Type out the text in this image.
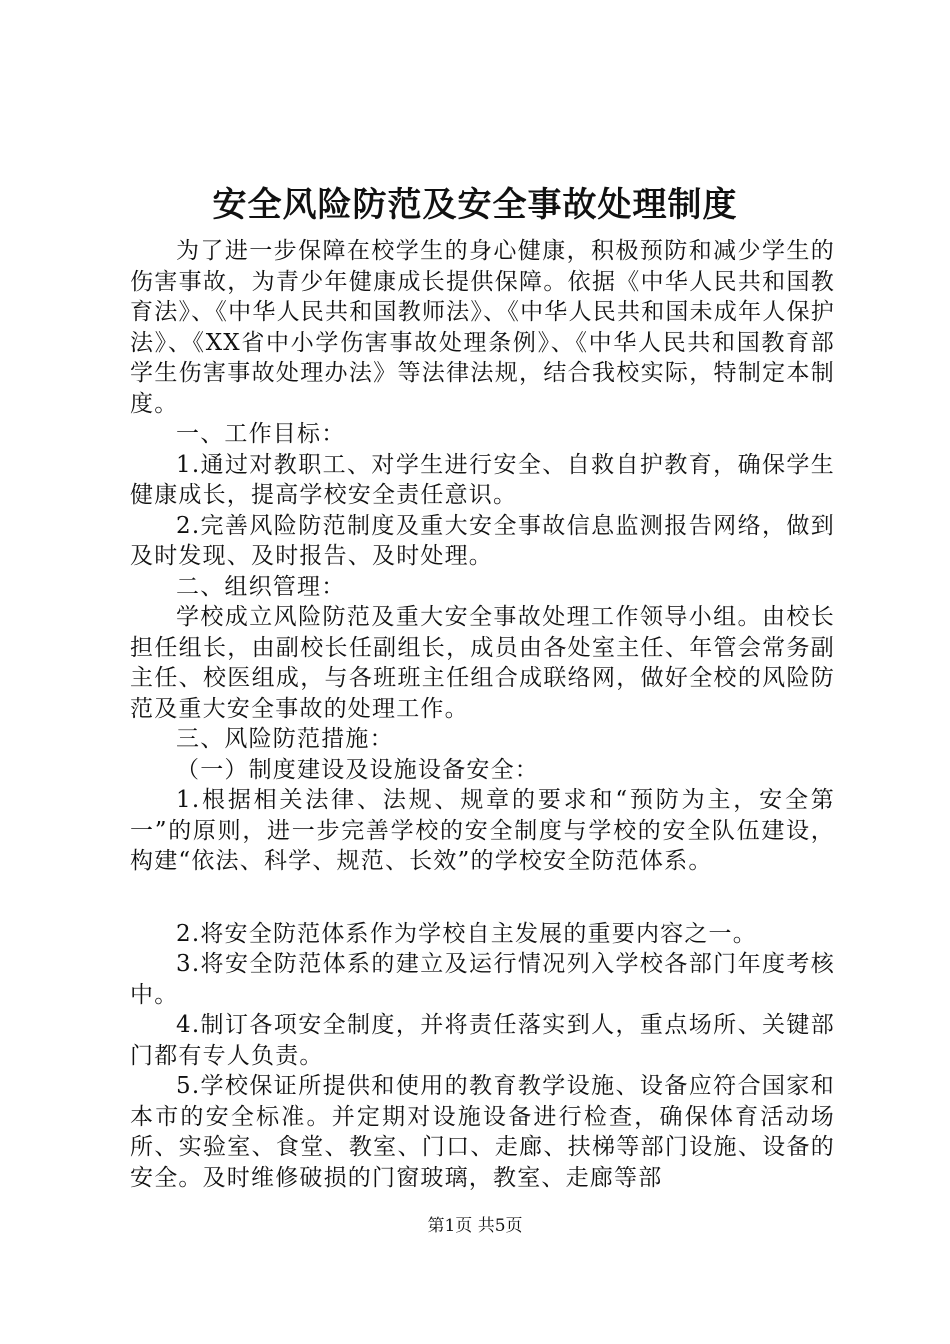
安全风险防范及安全事故处理制度

为了进一步保障在校学生的身心健康，积极预防和减少学生的伤害事故，为青少年健康成长提供保障。依据《中华人民共和国教育法》、《中华人民共和国教师法》、《中华人民共和国未成年人保护法》、《XX省中小学伤害事故处理条例》、《中华人民共和国教育部学生伤害事故处理办法》等法律法规，结合我校实际，特制定本制度。

一、工作目标：

1.通过对教职工、对学生进行安全、自救自护教育，确保学生健康成长，提高学校安全责任意识。

2.完善风险防范制度及重大安全事故信息监测报告网络，做到及时发现、及时报告、及时处理。

二、组织管理：

学校成立风险防范及重大安全事故处理工作领导小组。由校长担任组长，由副校长任副组长，成员由各处室主任、年管会常务副主任、校医组成，与各班班主任组合成联络网，做好全校的风险防范及重大安全事故的处理工作。

三、风险防范措施：

（一）制度建设及设施设备安全：

1.根据相关法律、法规、规章的要求和“预防为主，安全第一”的原则，进一步完善学校的安全制度与学校的安全队伍建设，构建“依法、科学、规范、长效”的学校安全防范体系。

2.将安全防范体系作为学校自主发展的重要内容之一。

3.将安全防范体系的建立及运行情况列入学校各部门年度考核中。

4.制订各项安全制度，并将责任落实到人，重点场所、关键部门都有专人负责。

5.学校保证所提供和使用的教育教学设施、设备应符合国家和本市的安全标准。并定期对设施设备进行检查，确保体育活动场所、实验室、食堂、教室、门口、走廊、扶梯等部门设施、设备的安全。及时维修破损的门窗玻璃，教室、走廊等部

第1页 共5页
